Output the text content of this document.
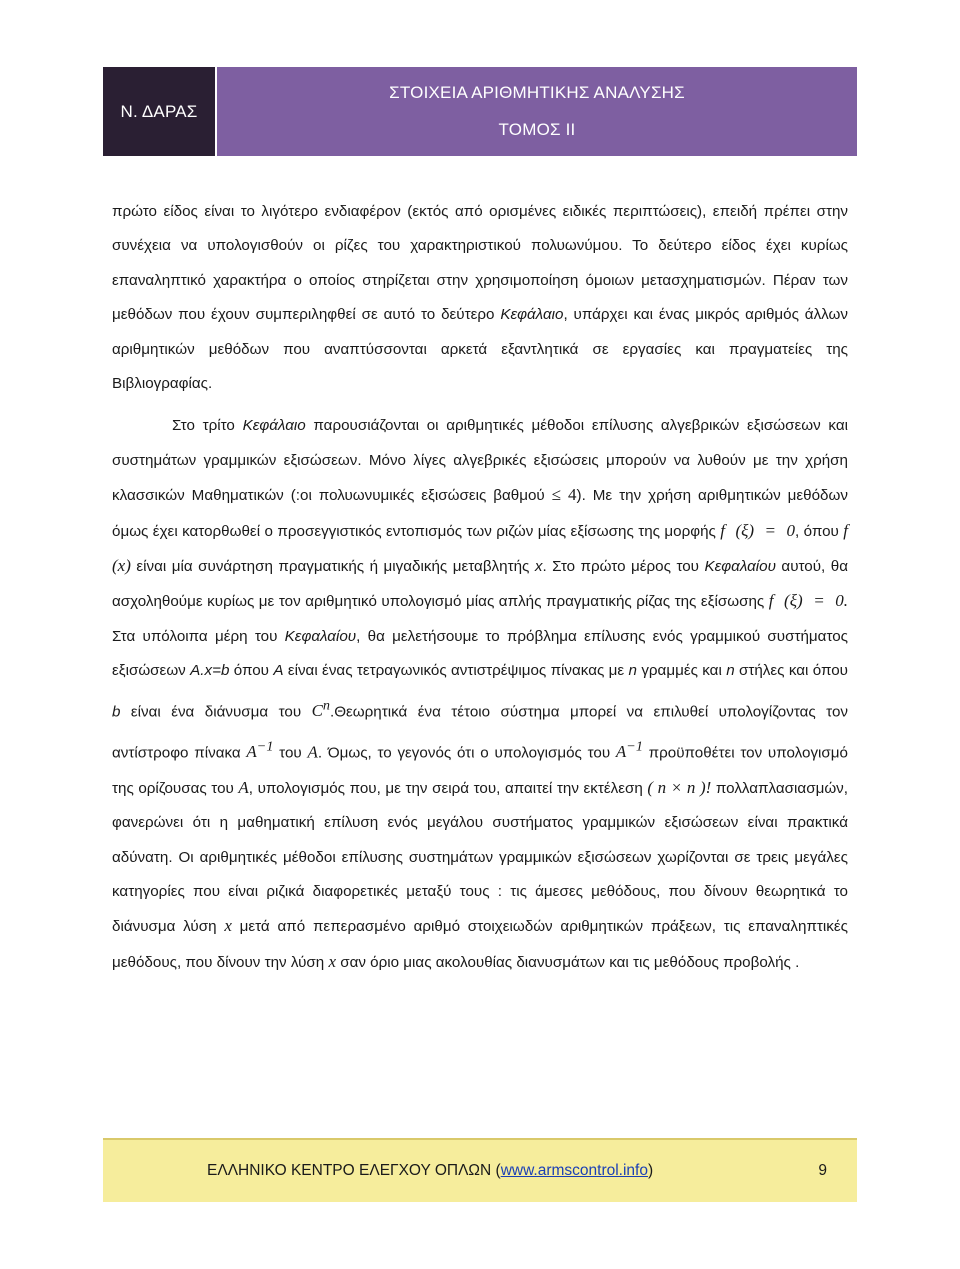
Ν. ΔΑΡΑΣ
ΣΤΟΙΧΕΙΑ ΑΡΙΘΜΗΤΙΚΗΣ ΑΝΑΛΥΣΗΣ
ΤΟΜΟΣ ΙΙ

πρώτο είδος είναι το λιγότερο ενδιαφέρον (εκτός από ορισμένες ειδικές περιπτώσεις), επειδή πρέπει στην συνέχεια να υπολογισθούν οι ρίζες του χαρακτηριστικού πολυωνύμου. Το δεύτερο είδος έχει κυρίως επαναληπτικό χαρακτήρα ο οποίος στηρίζεται στην χρησιμοποίηση όμοιων μετασχηματισμών. Πέραν των μεθόδων που έχουν συμπεριληφθεί σε αυτό το δεύτερο Κεφάλαιο, υπάρχει και ένας μικρός αριθμός άλλων αριθμητικών μεθόδων που αναπτύσσονται αρκετά εξαντλητικά σε εργασίες και πραγματείες της Βιβλιογραφίας.

Στο τρίτο Κεφάλαιο παρουσιάζονται οι αριθμητικές μέθοδοι επίλυσης αλγεβρικών εξισώσεων και συστημάτων γραμμικών εξισώσεων. Μόνο λίγες αλγεβρικές εξισώσεις μπορούν να λυθούν με την χρήση κλασσικών Μαθηματικών (:οι πολυωνυμικές εξισώσεις βαθμού ≤ 4). Με την χρήση αριθμητικών μεθόδων όμως έχει κατορθωθεί ο προσεγγιστικός εντοπισμός των ριζών μίας εξίσωσης της μορφής f (ξ) = 0, όπου f (x) είναι μία συνάρτηση πραγματικής ή μιγαδικής μεταβλητής x. Στο πρώτο μέρος του Κεφαλαίου αυτού, θα ασχοληθούμε κυρίως με τον αριθμητικό υπολογισμό μίας απλής πραγματικής ρίζας της εξίσωσης f (ξ) = 0. Στα υπόλοιπα μέρη του Κεφαλαίου, θα μελετήσουμε το πρόβλημα επίλυσης ενός γραμμικού συστήματος εξισώσεων A.x=b όπου A είναι ένας τετραγωνικός αντιστρέψιμος πίνακας με n γραμμές και n στήλες και όπου b είναι ένα διάνυσμα του $C^n.\Theta\varepsilon\omega\rho\eta\tau\iota\kappa ά$ ένα τέτοιο σύστημα μπορεί να επιλυθεί υπολογίζοντας τον αντίστροφο πίνακα $A^{-1}$ του A. Όμως, το γεγονός ότι ο υπολογισμός του $A^{-1}$ προϋποθέτει τον υπολογισμό της ορίζουσας του A, υπολογισμός που, με την σειρά του, απαιτεί την εκτέλεση ( n × n )! πολλαπλασιασμών, φανερώνει ότι η μαθηματική επίλυση ενός μεγάλου συστήματος γραμμικών εξισώσεων είναι πρακτικά αδύνατη. Οι αριθμητικές μέθοδοι επίλυσης συστημάτων γραμμικών εξισώσεων χωρίζονται σε τρεις μεγάλες κατηγορίες που είναι ριζικά διαφορετικές μεταξύ τους : τις άμεσες μεθόδους, που δίνουν θεωρητικά το διάνυσμα λύση x μετά από πεπερασμένο αριθμό στοιχειωδών αριθμητικών πράξεων, τις επαναληπτικές μεθόδους, που δίνουν την λύση x σαν όριο μιας ακολουθίας διανυσμάτων και τις μεθόδους προβολής .

ΕΛΛΗΝΙΚΟ ΚΕΝΤΡΟ ΕΛΕΓΧΟΥ ΟΠΛΩΝ (www.armscontrol.info)	9
